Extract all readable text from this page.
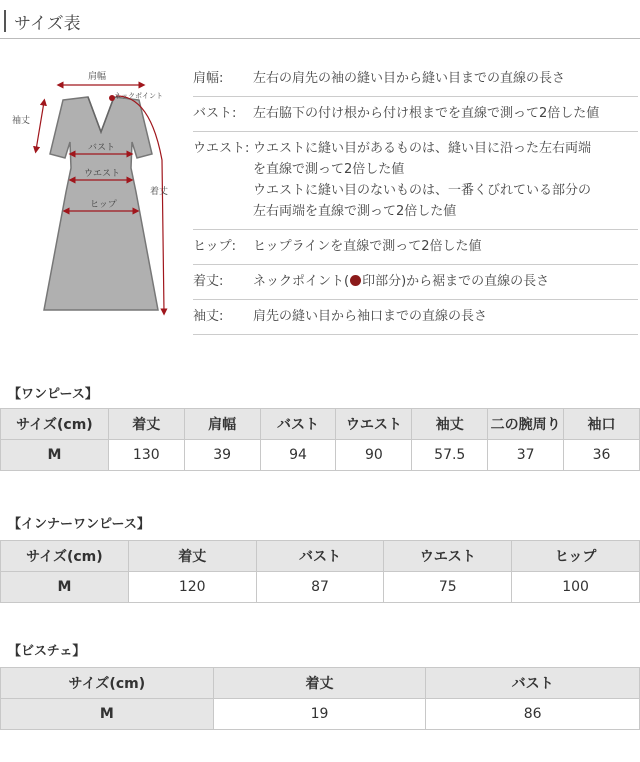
サイズ表
肩幅
ネックポイント
袖丈
バスト
ウエスト
ヒップ
着丈
肩幅:	左右の肩先の袖の縫い目から縫い目までの直線の長さ
バスト:	左右脇下の付け根から付け根までを直線で測って2倍した値
ウエスト: ウエストに縫い目があるものは、縫い目に沿った左右両端
を直線で測って2倍した値
ウエストに縫い目のないものは、一番くびれている部分の
左右両端を直線で測って2倍した値
ヒップ:	ヒップラインを直線で測って2倍した値
着丈:	ネックポイント( 印部分)から裾までの直線の長さ
袖丈:	肩先の縫い目から袖口までの直線の長さ
【ワンピース】
サイズ(cm)	着丈	肩幅	バスト	ウエスト	袖丈	二の腕周り	袖口
M	130	39	94	90	57.5	37	36
【インナーワンピース】
サイズ(cm)	着丈	バスト	ウエスト	ヒップ
M	120	87	75	100
【ビスチェ】
サイズ(cm)	着丈	バスト
M	19	86
